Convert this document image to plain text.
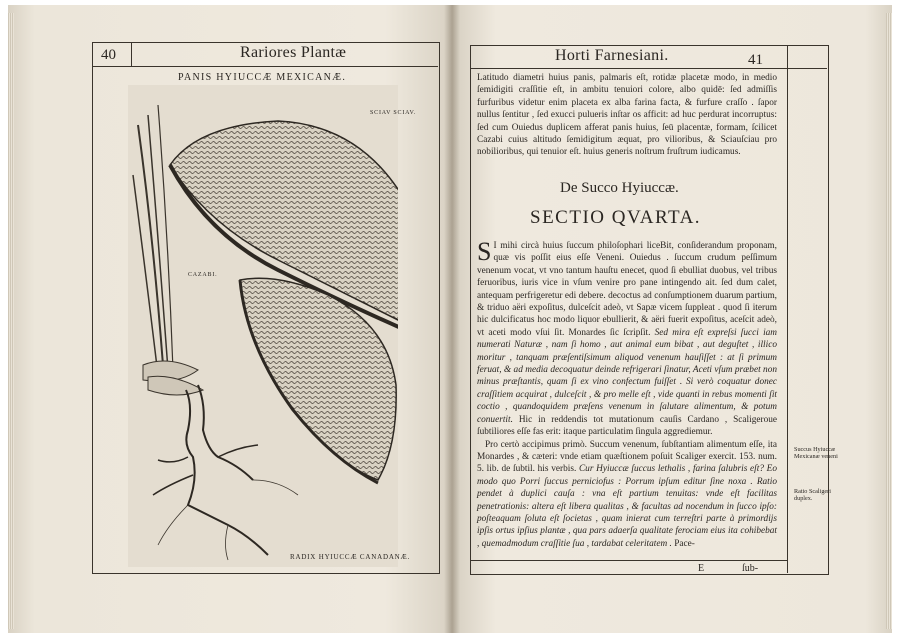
40	Rariores Plantæ
PANIS HYIUCCÆ MEXICANÆ.
SCIAV SCIAV.
CAZABI.
RADIX HYIUCCÆ CANADANÆ.
Horti Farnesiani.	41

Latitudo diametri huius panis, palmaris eſt, rotidæ placetæ modo, in medio ſemidigiti craſſitie eſt, in ambitu tenuiori colore, albo quidē: ſed admiſſis furfuribus videtur enim placeta ex alba farina facta, & furfure craſſo . ſapor nullus ſentitur , ſed exucci pulueris inſtar os afficit: ad huc perdurat incorruptus: ſed cum Ouiedus duplicem afferat panis huius, ſeū placentæ, formam, ſcilicet Cazabi cuius altitudo ſemidigitum æquat, pro vilioribus, & Sciauſciau pro nobilioribus, qui tenuior eſt. huius generis noſtrum fruſtrum iudicamus.

De Succo Hyiuccæ.
SECTIO QVARTA.

S I mihi circà huius ſuccum philoſophari liceBit, conſiderandum proponam, quæ vis poſſit eius eſſe Veneni. Ouiedus . ſuccum crudum peſſimum venenum vocat, vt vno tantum hauſtu enecet, quod ſi ebulliat duobus, vel tribus feruoribus, iuris vice in vſum venire pro pane intingendo ait. ſed dum calet, antequam perfrigeretur edi debere. decoctus ad conſumptionem duarum partium, & triduo aëri expoſitus, dulceſcit adeò, vt Sapæ vicem ſuppleat . quod ſi iterum hic dulcificatus hoc modo liquor ebullierit, & aëri fuerit expoſitus, aceſcit adeò, vt aceti modo vſui ſit. Monardes ſic ſcripſit. Sed mira eſt expreſsi ſucci iam numerati Naturæ , nam ſi homo , aut animal eum bibat , aut deguſtet , illico moritur , tanquam præſentiſsimum aliquod venenum hauſiſſet : at ſi primum feruat, & ad media decoquatur deinde refrigerari ſinatur, Aceti vſum præbet non minus præſtantis, quam ſi ex vino confectum fuiſſet . Si verò coquatur donec craſſitiem acquirat , dulceſcit , & pro melle eſt , vide quanti in rebus momenti ſit coctio , quandoquidem præſens venenum in ſalutare alimentum, & potum conuertit. Hic in reddendis tot mutationum cauſis Cardano , Scaligeroue ſubtiliores eſſe fas erit: itaque particulatim ſingula aggrediemur.

Pro certò accipimus primò. Succum venenum, ſubſtantiam alimentum eſſe, ita Monardes , & cæteri: vnde etiam quæſtionem poſuit Scaliger exercit. 153. num. 5. lib. de ſubtil. his verbis. Cur Hyiuccæ ſuccus lethalis , farina ſalubris eſt? Eo modo quo Porri ſuccus perniciofus : Porrum ipſum editur ſine noxa . Ratio pendet à duplici cauſa : vna eſt partium tenuitas: vnde eſt facilitas penetrationis: altera eſt libera qualitas , & facultas ad nocendum in ſucco ipſo: poſteaquam ſoluta eſt ſocietas , quam inierat cum terreſtri parte à primordijs ipſis ortus ipſius plantæ , qua pars adaerſa qualitate ferociam eius ita cohibebat , quemadmodum craſſitie ſua , tardabat celeritatem . Pace-

Succus Hyiuccæ Mexicanæ veneni
Ratio Scaligeri duplex.
E	ſub-
